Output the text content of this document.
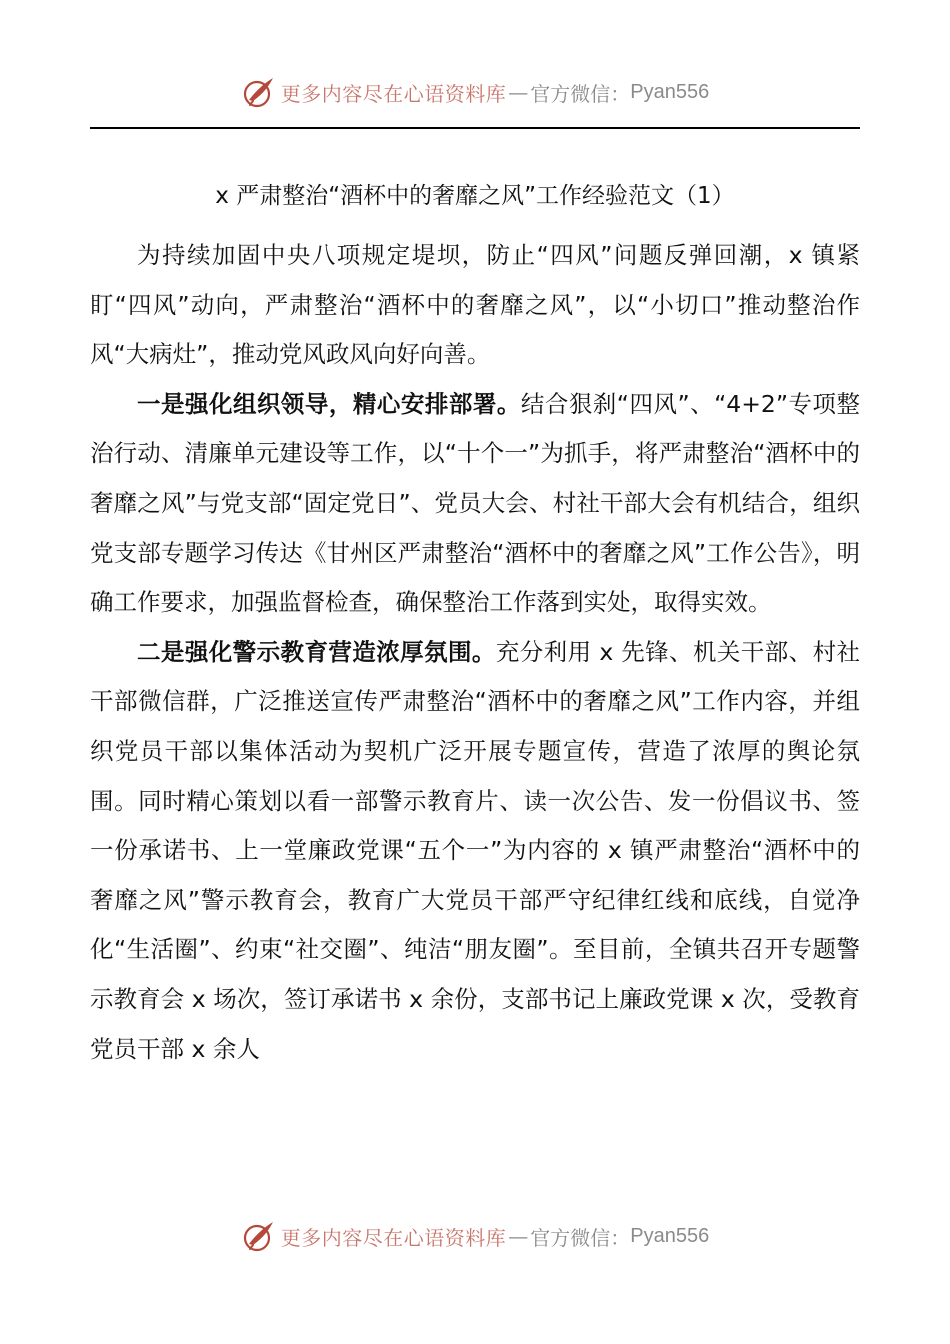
更多内容尽在心语资料库 — 官方微信： Pyan556
x 严肃整治“酒杯中的奢靡之风”工作经验范文（1）

为持续加固中央八项规定堤坝，防止“四风”问题反弹回潮，x 镇紧盯“四风”动向，严肃整治“酒杯中的奢靡之风”，以“小切口”推动整治作风“大病灶”，推动党风政风向好向善。

一是强化组织领导，精心安排部署。结合狠刹“四风”、“4+2”专项整治行动、清廉单元建设等工作，以“十个一”为抓手，将严肃整治“酒杯中的奢靡之风”与党支部“固定党日”、党员大会、村社干部大会有机结合，组织党支部专题学习传达《甘州区严肃整治“酒杯中的奢靡之风”工作公告》，明确工作要求，加强监督检查，确保整治工作落到实处，取得实效。

二是强化警示教育营造浓厚氛围。充分利用 x 先锋、机关干部、村社干部微信群，广泛推送宣传严肃整治“酒杯中的奢靡之风”工作内容，并组织党员干部以集体活动为契机广泛开展专题宣传，营造了浓厚的舆论氛围。同时精心策划以看一部警示教育片、读一次公告、发一份倡议书、签一份承诺书、上一堂廉政党课“五个一”为内容的 x 镇严肃整治“酒杯中的奢靡之风”警示教育会，教育广大党员干部严守纪律红线和底线，自觉净化“生活圈”、约束“社交圈”、纯洁“朋友圈”。至目前，全镇共召开专题警示教育会 x 场次，签订承诺书 x 余份，支部书记上廉政党课 x 次，受教育党员干部 x 余人

更多内容尽在心语资料库 — 官方微信： Pyan556
